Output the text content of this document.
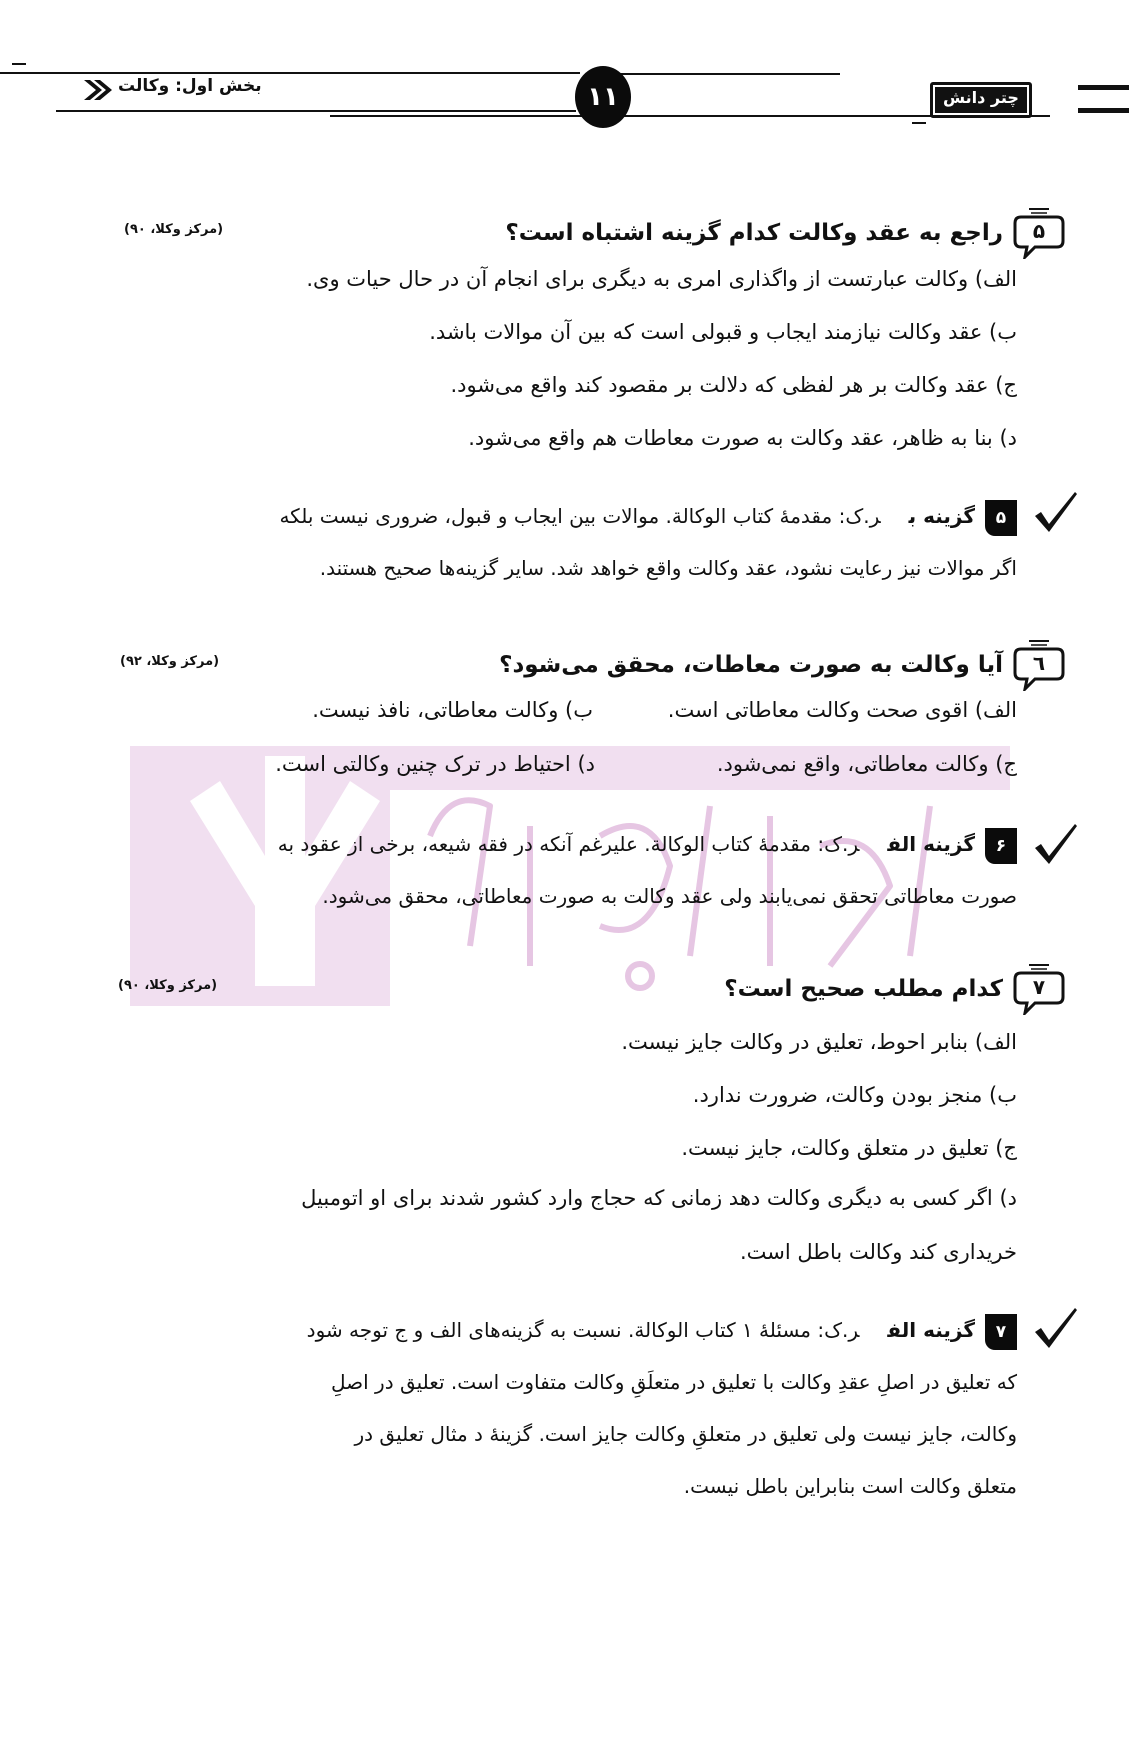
بخش اول: وکالت	۱۱	چتر دانش
۵
راجع به عقد وکالت کدام گزینه اشتباه است؟
(مرکز وکلا، ۹۰)
الف) وکالت عبارتست از واگذاری امری به دیگری برای انجام آن در حال حیات وی.
ب) عقد وکالت نیازمند ایجاب و قبولی است که بین آن موالات باشد.
ج) عقد وکالت بر هر لفظی که دلالت بر مقصود کند واقع می‌شود.
د) بنا به ظاهر، عقد وکالت به صورت معاطات هم واقع می‌شود.
۵
گزینه بر.ک: مقدمهٔ کتاب الوکالة. موالات بین ایجاب و قبول، ضروری نیست بلکه
اگر موالات نیز رعایت نشود، عقد وکالت واقع خواهد شد. سایر گزینه‌ها صحیح هستند.
٦
آیا وکالت به صورت معاطات، محقق می‌شود؟
(مرکز وکلا، ۹۲)
الف) اقوی صحت وکالت معاطاتی است.
ب) وکالت معاطاتی، نافذ نیست.
ج) وکالت معاطاتی، واقع نمی‌شود.
د) احتیاط در ترک چنین وکالتی است.
۶
گزینه الفر.ک: مقدمهٔ کتاب الوکالة. علیرغم آنکه در فقه شیعه، برخی از عقود به
صورت معاطاتی تحقق نمی‌یابند ولی عقد وکالت به صورت معاطاتی، محقق می‌شود.
۷
کدام مطلب صحیح است؟
(مرکز وکلا، ۹۰)
الف) بنابر احوط، تعلیق در وکالت جایز نیست.
ب) منجز بودن وکالت، ضرورت ندارد.
ج) تعلیق در متعلق وکالت، جایز نیست.
د) اگر کسی به دیگری وکالت دهد زمانی که حجاج وارد کشور شدند برای او اتومبیل
خریداری کند وکالت باطل است.
۷
گزینه الفر.ک: مسئلهٔ ۱ کتاب الوکالة. نسبت به گزینه‌های الف و ج توجه شود
که تعلیق در اصلِ عقدِ وکالت با تعلیق در متعلَقِ وکالت متفاوت است. تعلیق در اصلِ
وکالت، جایز نیست ولی تعلیق در متعلقِ وکالت جایز است. گزینهٔ د مثال تعلیق در
متعلق وکالت است بنابراین باطل نیست.
